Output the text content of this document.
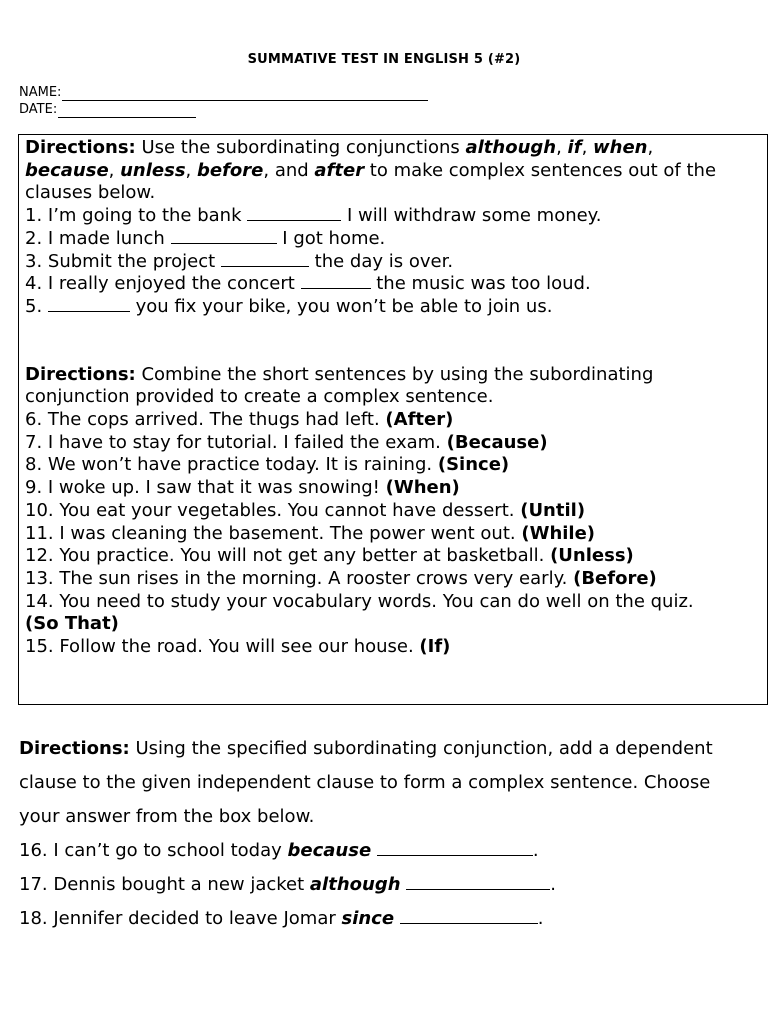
SUMMATIVE TEST IN ENGLISH 5 (#2)
NAME:
DATE:

Directions: Use the subordinating conjunctions although, if, when,
because, unless, before, and after to make complex sentences out of the

clauses below.

1. I’m going to the bank	I will withdraw some money.

2. I made lunch	I got home.

3. Submit the project	the day is over.

4. I really enjoyed the concert	the music was too loud.

5.	you fix your bike, you won’t be able to join us.

Directions: Combine the short sentences by using the subordinating conjunction provided to create a complex sentence.

6. The cops arrived. The thugs had left. (After)

7. I have to stay for tutorial. I failed the exam. (Because)

8. We won’t have practice today. It is raining. (Since)

9. I woke up. I saw that it was snowing! (When)

10. You eat your vegetables. You cannot have dessert. (Until)

11. I was cleaning the basement. The power went out. (While)

12. You practice. You will not get any better at basketball. (Unless)

13. The sun rises in the morning. A rooster crows very early. (Before)

14. You need to study your vocabulary words. You can do well on the quiz.
(So That)

15. Follow the road. You will see our house. (If)

Directions: Using the specified subordinating conjunction, add a dependent

clause to the given independent clause to form a complex sentence. Choose

your answer from the box below.

16. I can’t go to school today because	.

17. Dennis bought a new jacket although	.

18. Jennifer decided to leave Jomar since	.
